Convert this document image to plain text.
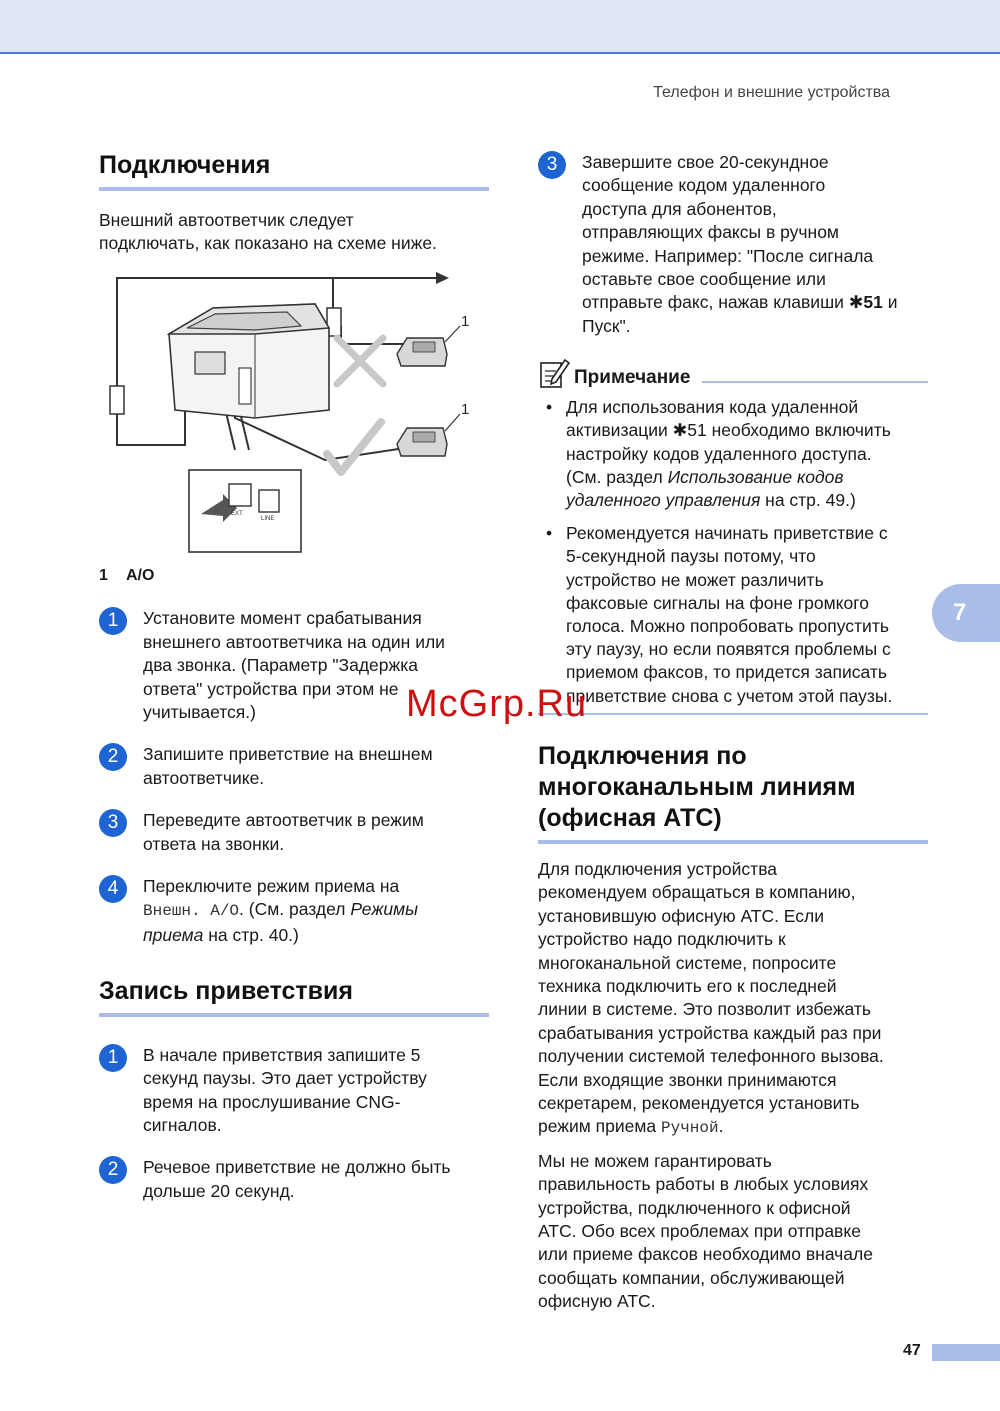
Телефон и внешние устройства
Подключения

Внешний автоответчик следует
подключать, как показано на схеме ниже.

1 A/O
1	Установите момент срабатывания
внешнего автоответчика на один или
два звонка. (Параметр "Задержка
ответа" устройства при этом не
учитывается.)
2	Запишите приветствие на внешнем
автоответчике.
3	Переведите автоответчик в режим
ответа на звонки.
4	Переключите режим приема на
Внешн. А/О. (См. раздел Режимы
приема на стр. 40.)
Запись приветствия
1	В начале приветствия запишите 5
секунд паузы. Это дает устройству
время на прослушивание CNG-
сигналов.
2	Речевое приветствие не должно быть
дольше 20 секунд.
1
1
EXT.
LINE
3	Завершите свое 20-секундное
сообщение кодом удаленного
доступа для абонентов,
отправляющих факсы в ручном
режиме. Например: "После сигнала
оставьте свое сообщение или
отправьте факс, нажав клавиши ✱51 и
Пуск".
Примечание
• Для использования кода удаленной
активизации ✱51 необходимо включить
настройку кодов удаленного доступа.
(См. раздел Использование кодов
удаленного управления на стр. 49.)
• Рекомендуется начинать приветствие с
5-секундной паузы потому, что
устройство не может различить
факсовые сигналы на фоне громкого
голоса. Можно попробовать пропустить
эту паузу, но если появятся проблемы с
приемом факсов, то придется записать
приветствие снова с учетом этой паузы.
Подключения по
многоканальным линиям
(офисная АТС)

Для подключения устройства
рекомендуем обращаться в компанию,
установившую офисную АТС. Если
устройство надо подключить к
многоканальной системе, попросите
техника подключить его к последней
линии в системе. Это позволит избежать
срабатывания устройства каждый раз при
получении системой телефонного вызова.
Если входящие звонки принимаются
секретарем, рекомендуется установить
режим приема Ручной.

Мы не можем гарантировать
правильность работы в любых условиях
устройства, подключенного к офисной
АТС. Обо всех проблемах при отправке
или приеме факсов необходимо вначале
сообщать компании, обслуживающей
офисную АТС.

7
McGrp.Ru
47
